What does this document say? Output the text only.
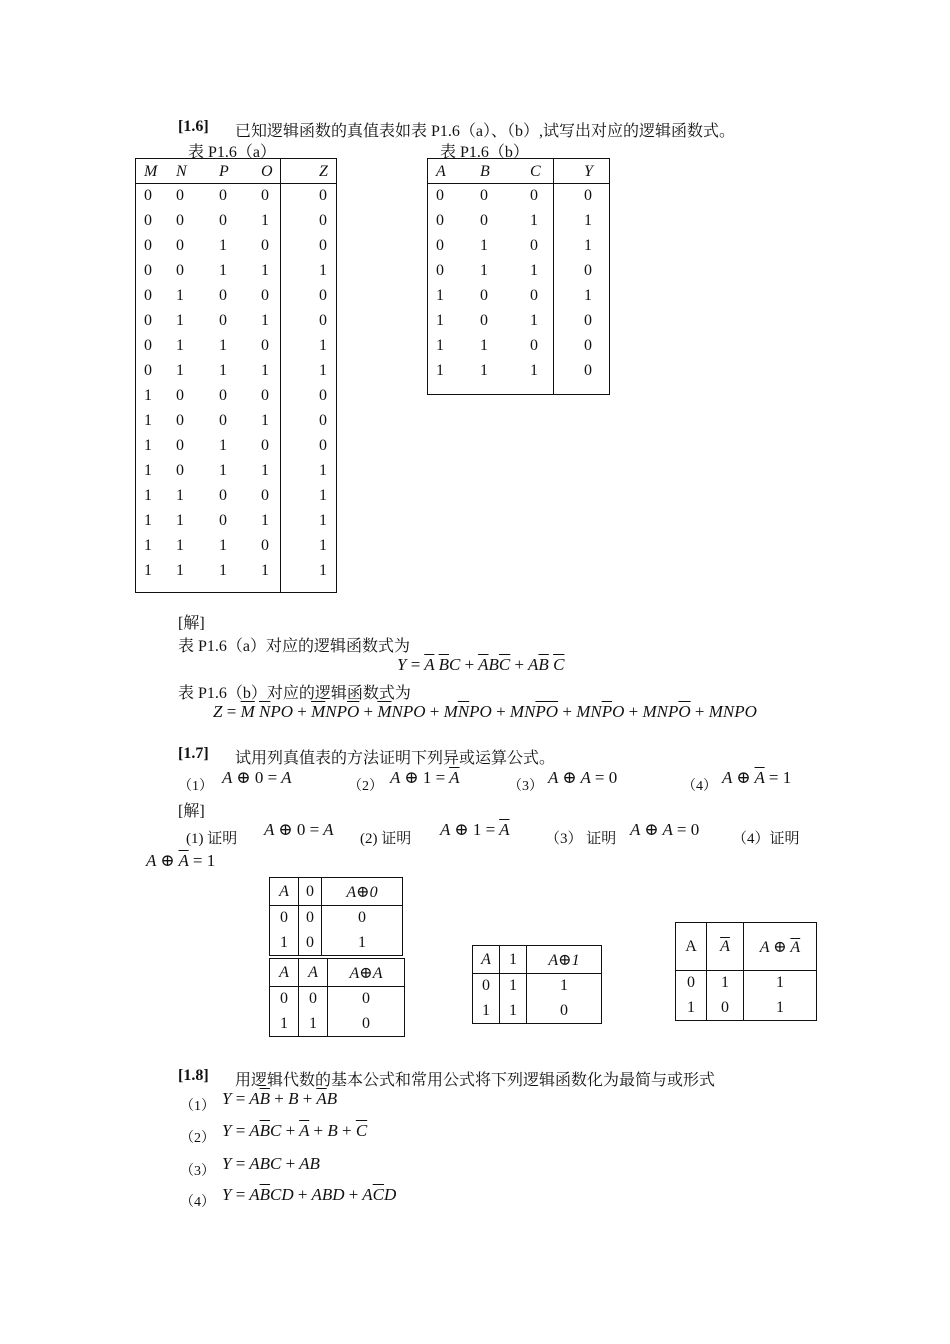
[1.6] 已知逻辑函数的真值表如表 P1.6（a）、（b）,试写出对应的逻辑函数式。
表 P1.6（a）	表 P1.6（b）
M	N	P	O	Z
0	0	0	0	0
0	0	0	1	0
0	0	1	0	0
0	0	1	1	1
0	1	0	0	0
0	1	0	1	0
0	1	1	0	1
0	1	1	1	1
1	0	0	0	0
1	0	0	1	0
1	0	1	0	0
1	0	1	1	1
1	1	0	0	1
1	1	0	1	1
1	1	1	0	1
1	1	1	1	1
A	B	C	Y
0	0	0	0
0	0	1	1
0	1	0	1
0	1	1	0
1	0	0	1
1	0	1	0
1	1	0	0
1	1	1	0
[解]
表 P1.6（a）对应的逻辑函数式为
$Y = \overline{A}$ $\overline{B}C + \overline{A}B\overline{C} + A\overline{B}$ $\overline{C}$
表 P1.6（b）对应的逻辑函数式为
$Z = \overline{M}$ $\overline{N}PO + \overline{M}NP\overline{O} + \overline{M}NPO + M\overline{N}PO + MN\overline{PO} + MN\overline{P}O + MNP\overline{O}$ + MNPO
[1.7] 试用列真值表的方法证明下列异或运算公式。
（1） A ⊕ 0 = A	（2） A ⊕ $1 = \overline{A}$	（3） A ⊕ A = 0	（4） A ⊕ $\overline{A} = 1$
[解]
(1) 证明 A ⊕ 0 = A (2) 证明 A ⊕ $1 = \overline{A}$ （3） 证明 A ⊕ A = 0 （4）证明
A ⊕ $\overline{A} = 1$
A	0	A⊕0
0	0	0
1	0	1
A	A	A⊕A
0	0	0
1	1	0
A	1	A⊕1
0	1	1
1	1	0
A	$\overline{A}$	A ⊕ $\overline{A}$
0	1	1
1	0	1
[1.8] 用逻辑代数的基本公式和常用公式将下列逻辑函数化为最简与或形式
（1） $Y = A\overline{B} + B + \overline{A}B$
（2） $Y = A\overline{B}C + \overline{A} + B + \overline{C}$
（3） Y = ABC + AB
（4） $Y = A\overline{B}CD$ + ABD + $A\overline{C}D$
